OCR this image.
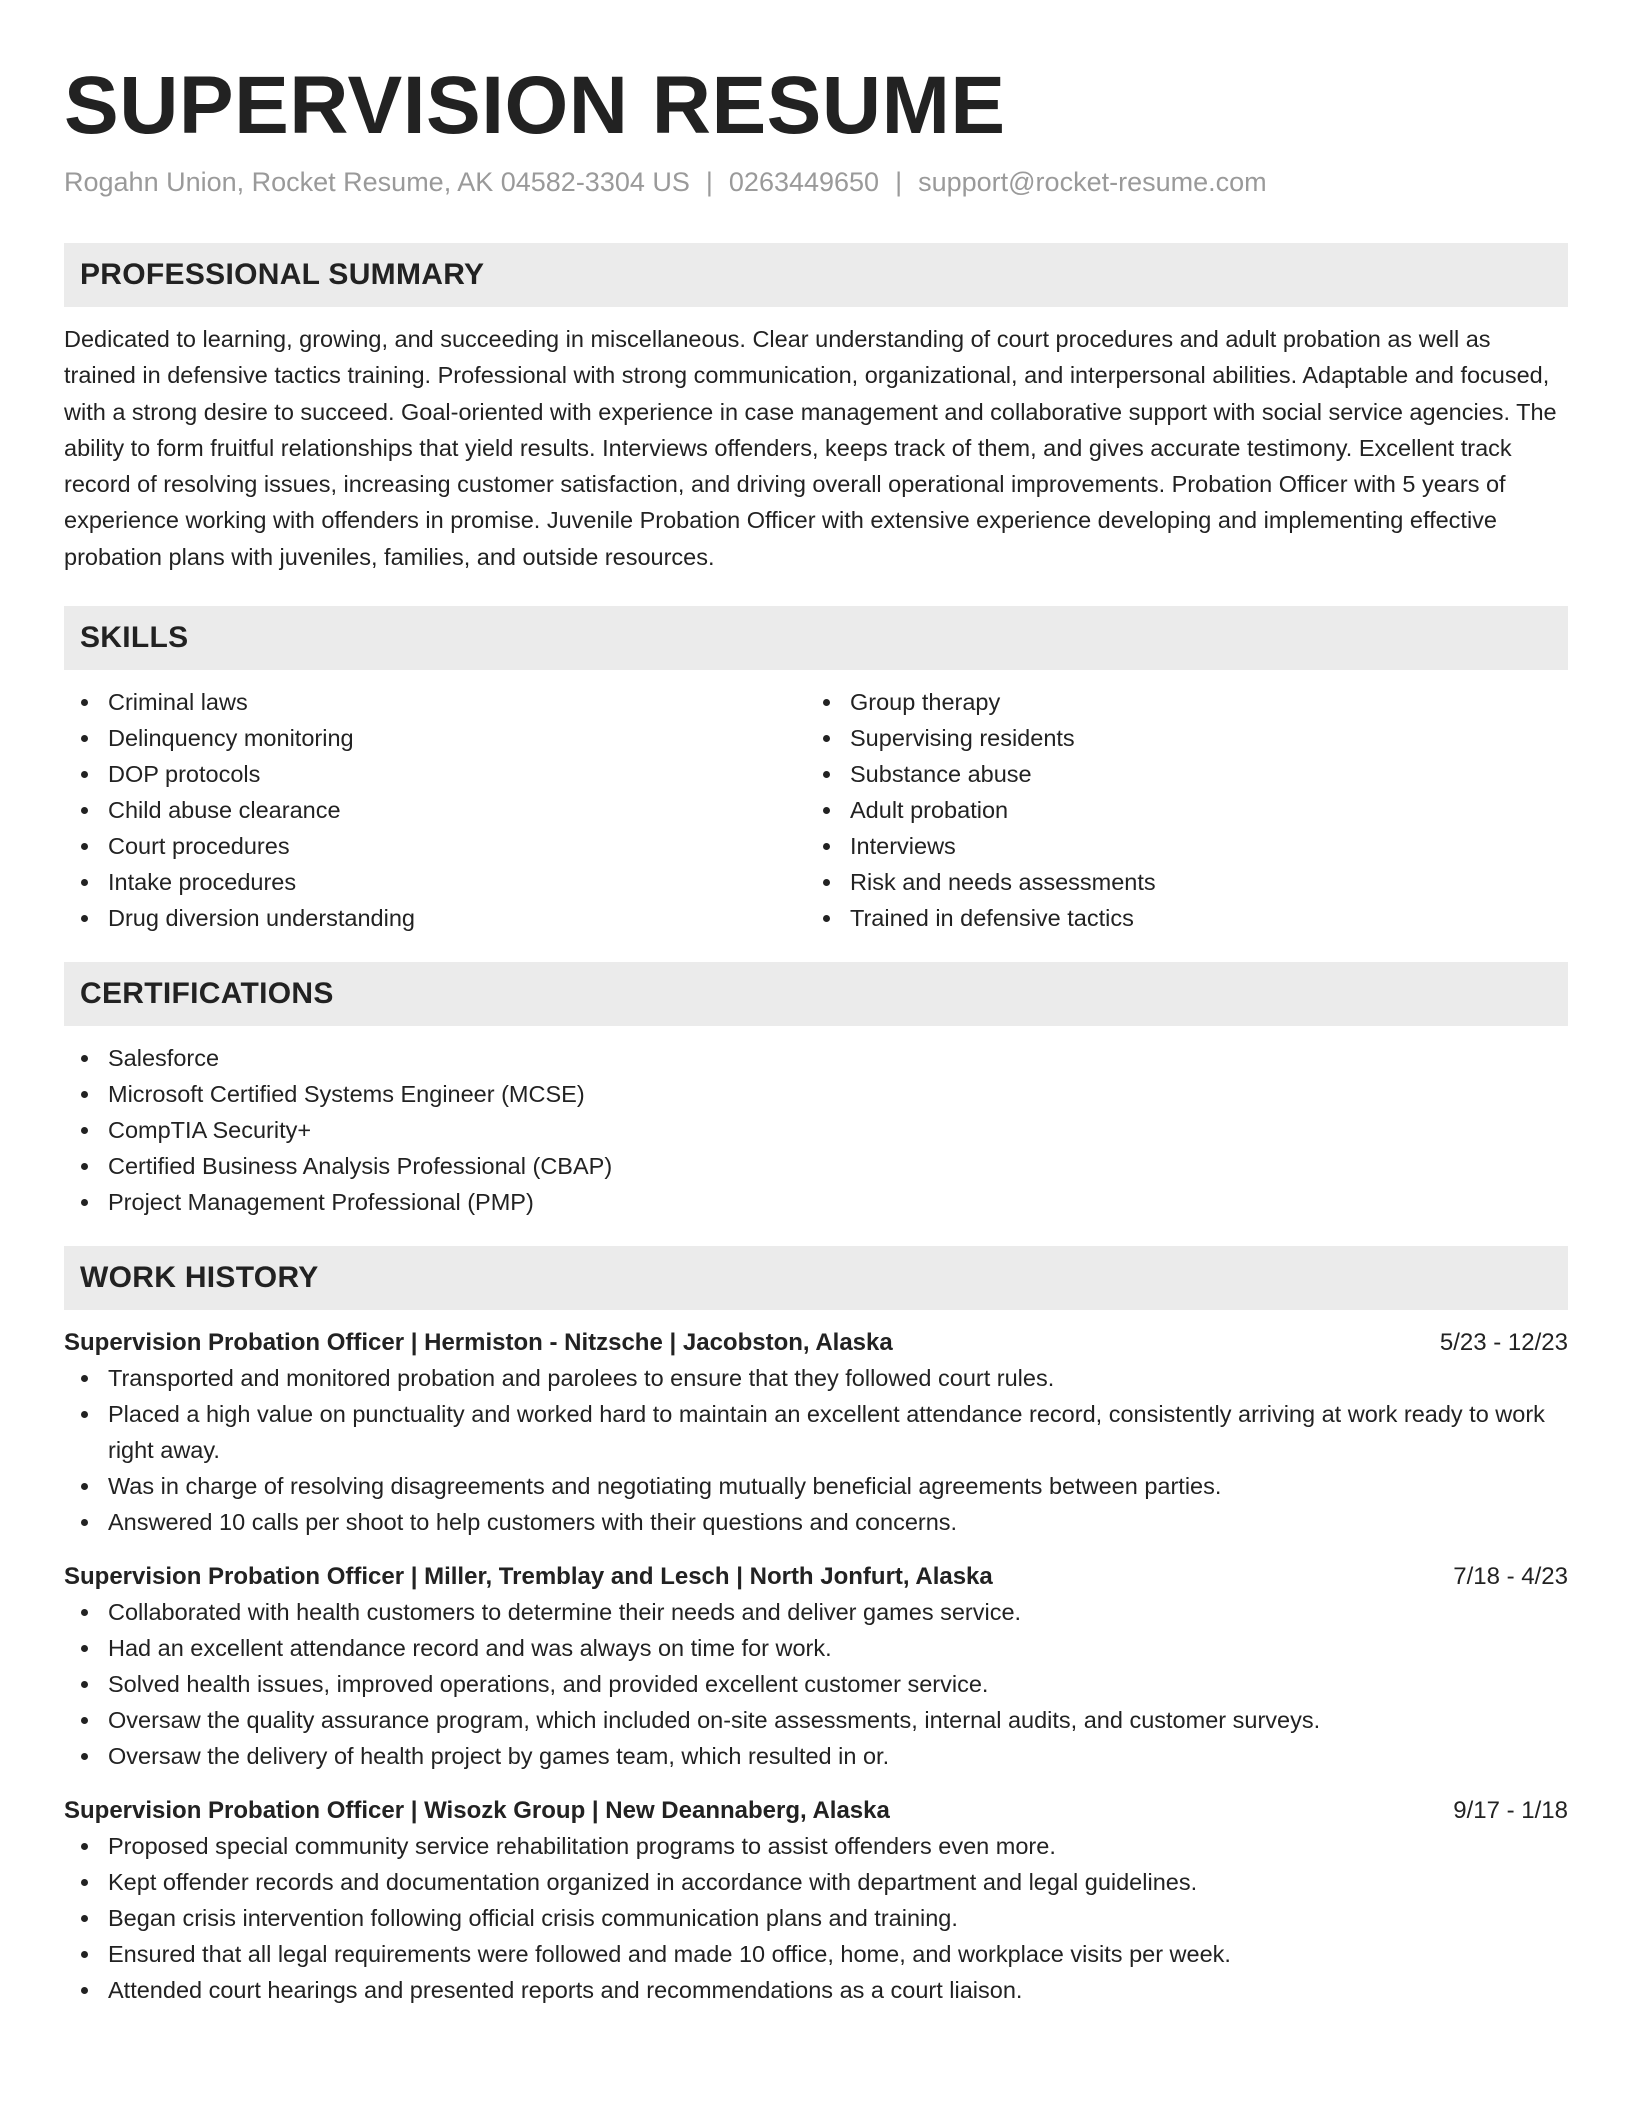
SUPERVISION RESUME
Rogahn Union, Rocket Resume, AK 04582-3304 US | 0263449650 | support@rocket-resume.com
PROFESSIONAL SUMMARY

Dedicated to learning, growing, and succeeding in miscellaneous. Clear understanding of court procedures and adult probation as well as trained in defensive tactics training. Professional with strong communication, organizational, and interpersonal abilities. Adaptable and focused, with a strong desire to succeed. Goal-oriented with experience in case management and collaborative support with social service agencies. The ability to form fruitful relationships that yield results. Interviews offenders, keeps track of them, and gives accurate testimony. Excellent track record of resolving issues, increasing customer satisfaction, and driving overall operational improvements. Probation Officer with 5 years of experience working with offenders in promise. Juvenile Probation Officer with extensive experience developing and implementing effective probation plans with juveniles, families, and outside resources.

SKILLS
Criminal laws
Delinquency monitoring
DOP protocols
Child abuse clearance
Court procedures
Intake procedures
Drug diversion understanding
Group therapy
Supervising residents
Substance abuse
Adult probation
Interviews
Risk and needs assessments
Trained in defensive tactics
CERTIFICATIONS
Salesforce
Microsoft Certified Systems Engineer (MCSE)
CompTIA Security+
Certified Business Analysis Professional (CBAP)
Project Management Professional (PMP)
WORK HISTORY
Supervision Probation Officer | Hermiston - Nitzsche | Jacobston, Alaska	5/23 - 12/23
Transported and monitored probation and parolees to ensure that they followed court rules.
Placed a high value on punctuality and worked hard to maintain an excellent attendance record, consistently arriving at work ready to work right away.
Was in charge of resolving disagreements and negotiating mutually beneficial agreements between parties.
Answered 10 calls per shoot to help customers with their questions and concerns.
Supervision Probation Officer | Miller, Tremblay and Lesch | North Jonfurt, Alaska	7/18 - 4/23
Collaborated with health customers to determine their needs and deliver games service.
Had an excellent attendance record and was always on time for work.
Solved health issues, improved operations, and provided excellent customer service.
Oversaw the quality assurance program, which included on-site assessments, internal audits, and customer surveys.
Oversaw the delivery of health project by games team, which resulted in or.
Supervision Probation Officer | Wisozk Group | New Deannaberg, Alaska	9/17 - 1/18
Proposed special community service rehabilitation programs to assist offenders even more.
Kept offender records and documentation organized in accordance with department and legal guidelines.
Began crisis intervention following official crisis communication plans and training.
Ensured that all legal requirements were followed and made 10 office, home, and workplace visits per week.
Attended court hearings and presented reports and recommendations as a court liaison.
